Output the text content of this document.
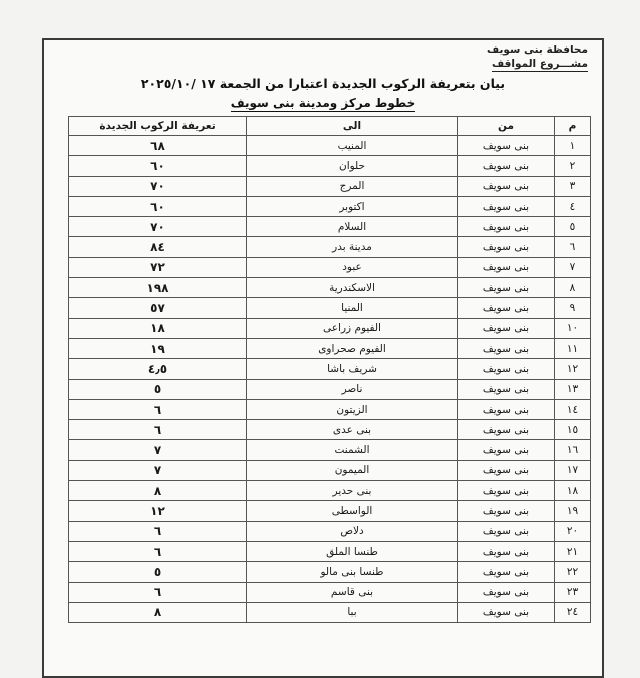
محافظة بنى سويف
مشـــروع المواقف
بيان بتعريفة الركوب الجديدة اعتبارا من الجمعة ١٧ /٢٠٢٥/١٠
خطوط مركز ومدينة بنى سويف
تعريفة الركوب الجديدة	الى	من	م
٦٨	المنيب	بنى سويف	١
٦٠	حلوان	بنى سويف	٢
٧٠	المرج	بنى سويف	٣
٦٠	اكتوبر	بنى سويف	٤
٧٠	السلام	بنى سويف	٥
٨٤	مدينة بدر	بنى سويف	٦
٧٢	عبود	بنى سويف	٧
١٩٨	الاسكندرية	بنى سويف	٨
٥٧	المنيا	بنى سويف	٩
١٨	الفيوم زراعى	بنى سويف	١٠
١٩	الفيوم صحراوى	بنى سويف	١١
٤٫٥	شريف باشا	بنى سويف	١٢
٥	ناصر	بنى سويف	١٣
٦	الزيتون	بنى سويف	١٤
٦	بنى عدى	بنى سويف	١٥
٧	الشمنت	بنى سويف	١٦
٧	الميمون	بنى سويف	١٧
٨	بنى حدير	بنى سويف	١٨
١٢	الواسطى	بنى سويف	١٩
٦	دلاص	بنى سويف	٢٠
٦	طنسا الملق	بنى سويف	٢١
٥	طنسا بنى مالو	بنى سويف	٢٢
٦	بنى قاسم	بنى سويف	٢٣
٨	ببا	بنى سويف	٢٤
